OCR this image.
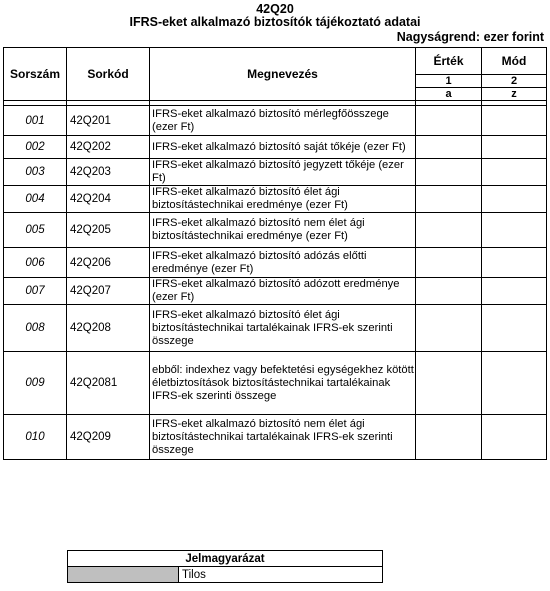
42Q20
IFRS-eket alkalmazó biztosítók tájékoztató adatai
Nagyságrend: ezer forint
Sorszám	Sorkód	Megnevezés	Érték	Mód
			1	2
			a	z

001	42Q201	IFRS-eket alkalmazó biztosító mérlegfőösszege (ezer Ft)		
002	42Q202	IFRS-eket alkalmazó biztosító saját tőkéje (ezer Ft)		
003	42Q203	IFRS-eket alkalmazó biztosító jegyzett tőkéje (ezer Ft)		
004	42Q204	IFRS-eket alkalmazó biztosító élet ági biztosítástechnikai eredménye (ezer Ft)		
005	42Q205	IFRS-eket alkalmazó biztosító nem élet ági biztosítástechnikai eredménye (ezer Ft)		
006	42Q206	IFRS-eket alkalmazó biztosító adózás előtti eredménye (ezer Ft)		
007	42Q207	IFRS-eket alkalmazó biztosító adózott eredménye (ezer Ft)		
008	42Q208	IFRS-eket alkalmazó biztosító élet ági biztosítástechnikai tartalékainak IFRS-ek szerinti összege		
009	42Q2081	ebből: indexhez vagy befektetési egységekhez kötött életbiztosítások biztosítástechnikai tartalékainak IFRS-ek szerinti összege		
010	42Q209	IFRS-eket alkalmazó biztosító nem élet ági biztosítástechnikai tartalékainak IFRS-ek szerinti összege		
Jelmagyarázat
	Tilos
